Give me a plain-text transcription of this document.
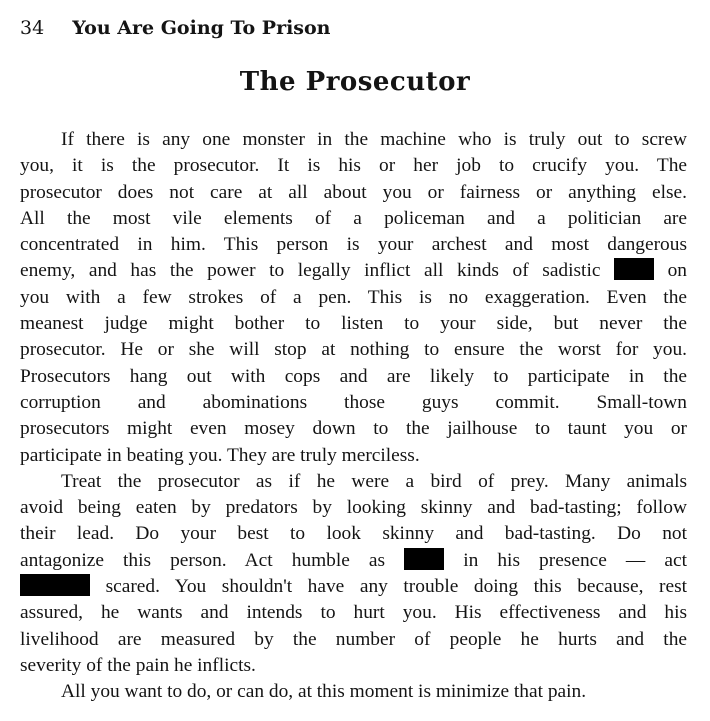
34 You Are Going To Prison
The Prosecutor
If there is any one monster in the machine who is truly out to screw
you, it is the prosecutor. It is his or her job to crucify you. The
prosecutor does not care at all about you or fairness or anything else.
All the most vile elements of a policeman and a politician are
concentrated in him. This person is your archest and most dangerous
enemy, and has the power to legally inflict all kinds of sadistic	on
you with a few strokes of a pen. This is no exaggeration. Even the
meanest judge might bother to listen to your side, but never the
prosecutor. He or she will stop at nothing to ensure the worst for you.
Prosecutors hang out with cops and are likely to participate in the
corruption and abominations those guys commit. Small-town
prosecutors might even mosey down to the jailhouse to taunt you or
participate in beating you. They are truly merciless.
Treat the prosecutor as if he were a bird of prey. Many animals
avoid being eaten by predators by looking skinny and bad-tasting; follow
their lead. Do your best to look skinny and bad-tasting. Do not
antagonize this person. Act humble as	in his presence — act
scared. You shouldn't have any trouble doing this because, rest
assured, he wants and intends to hurt you. His effectiveness and his
livelihood are measured by the number of people he hurts and the
severity of the pain he inflicts.
All you want to do, or can do, at this moment is minimize that pain.
